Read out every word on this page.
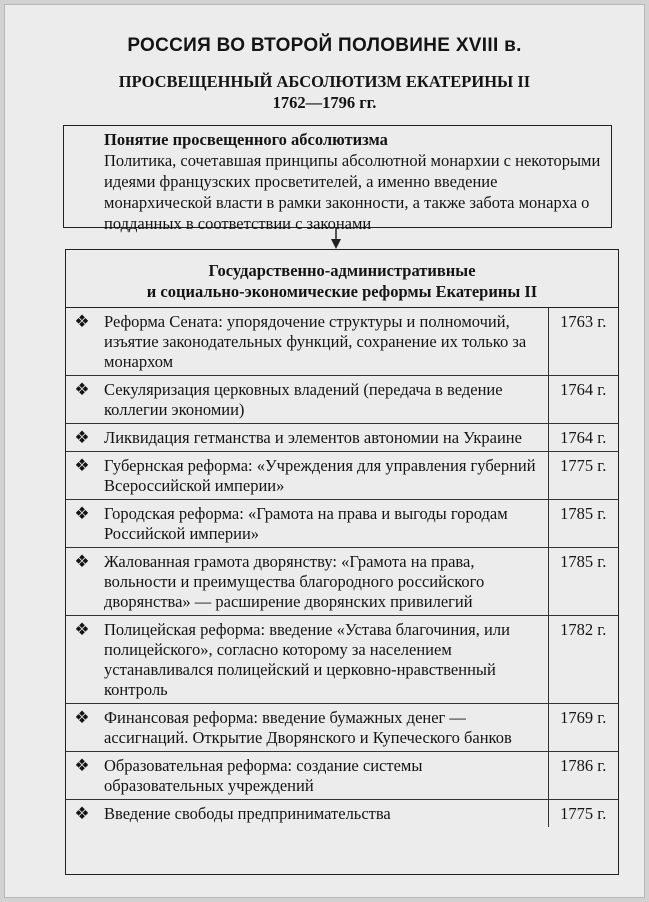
РОССИЯ ВО ВТОРОЙ ПОЛОВИНЕ XVIII в.
ПРОСВЕЩЕННЫЙ АБСОЛЮТИЗМ ЕКАТЕРИНЫ II
1762—1796 гг.
Понятие просвещенного абсолютизма
Политика, сочетавшая принципы абсолютной монархии с некоторыми идеями французских просветителей, а именно введение монархической власти в рамки законности, а также забота монарха о подданных в соответствии с законами
Государственно-административные
и социально-экономические реформы Екатерины II
❖	Реформа Сената: упорядочение структуры и полномочий, изъятие законодательных функций, сохранение их только за монархом	1763 г.
❖	Секуляризация церковных владений (передача в ведение коллегии экономии)	1764 г.
❖	Ликвидация гетманства и элементов автономии на Украине	1764 г.
❖	Губернская реформа: «Учреждения для управления губерний Всероссийской империи»	1775 г.
❖	Городская реформа: «Грамота на права и выгоды городам Российской империи»	1785 г.
❖	Жалованная грамота дворянству: «Грамота на права, вольности и преимущества благородного российского дворянства» — расширение дворянских привилегий	1785 г.
❖	Полицейская реформа: введение «Устава благочиния, или полицейского», согласно которому за населением устанавливался полицейский и церковно-нравственный контроль	1782 г.
❖	Финансовая реформа: введение бумажных денег — ассигнаций. Открытие Дворянского и Купеческого банков	1769 г.
❖	Образовательная реформа: создание системы образовательных учреждений	1786 г.
❖	Введение свободы предпринимательства	1775 г.
